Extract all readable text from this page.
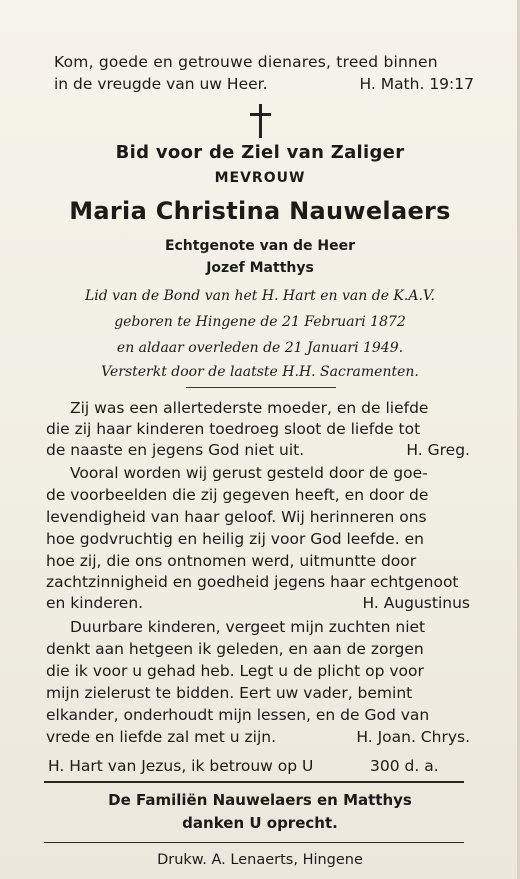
Kom, goede en getrouwe dienares, treed binnen
in de vreugde van uw Heer.	H. Math. 19:17
Bid voor de Ziel van Zaliger
MEVROUW
Maria Christina Nauwelaers
Echtgenote van de Heer
Jozef Matthys
Lid van de Bond van het H. Hart en van de K.A.V.
geboren te Hingene de 21 Februari 1872
en aldaar overleden de 21 Januari 1949.
Versterkt door de laatste H.H. Sacramenten.
Zij was een allertederste moeder, en de liefde
die zij haar kinderen toedroeg sloot de liefde tot
de naaste en jegens God niet uit.	H. Greg.
Vooral worden wij gerust gesteld door de goe-
de voorbeelden die zij gegeven heeft, en door de
levendigheid van haar geloof. Wij herinneren ons
hoe godvruchtig en heilig zij voor God leefde. en
hoe zij, die ons ontnomen werd, uitmuntte door
zachtzinnigheid en goedheid jegens haar echtgenoot
en kinderen.	H. Augustinus
Duurbare kinderen, vergeet mijn zuchten niet
denkt aan hetgeen ik geleden, en aan de zorgen
die ik voor u gehad heb. Legt u de plicht op voor
mijn zielerust te bidden. Eert uw vader, bemint
elkander, onderhoudt mijn lessen, en de God van
vrede en liefde zal met u zijn.	H. Joan. Chrys.
H. Hart van Jezus, ik betrouw op U	300 d. a.
De Familiën Nauwelaers en Matthys
danken U oprecht.
Drukw. A. Lenaerts, Hingene
